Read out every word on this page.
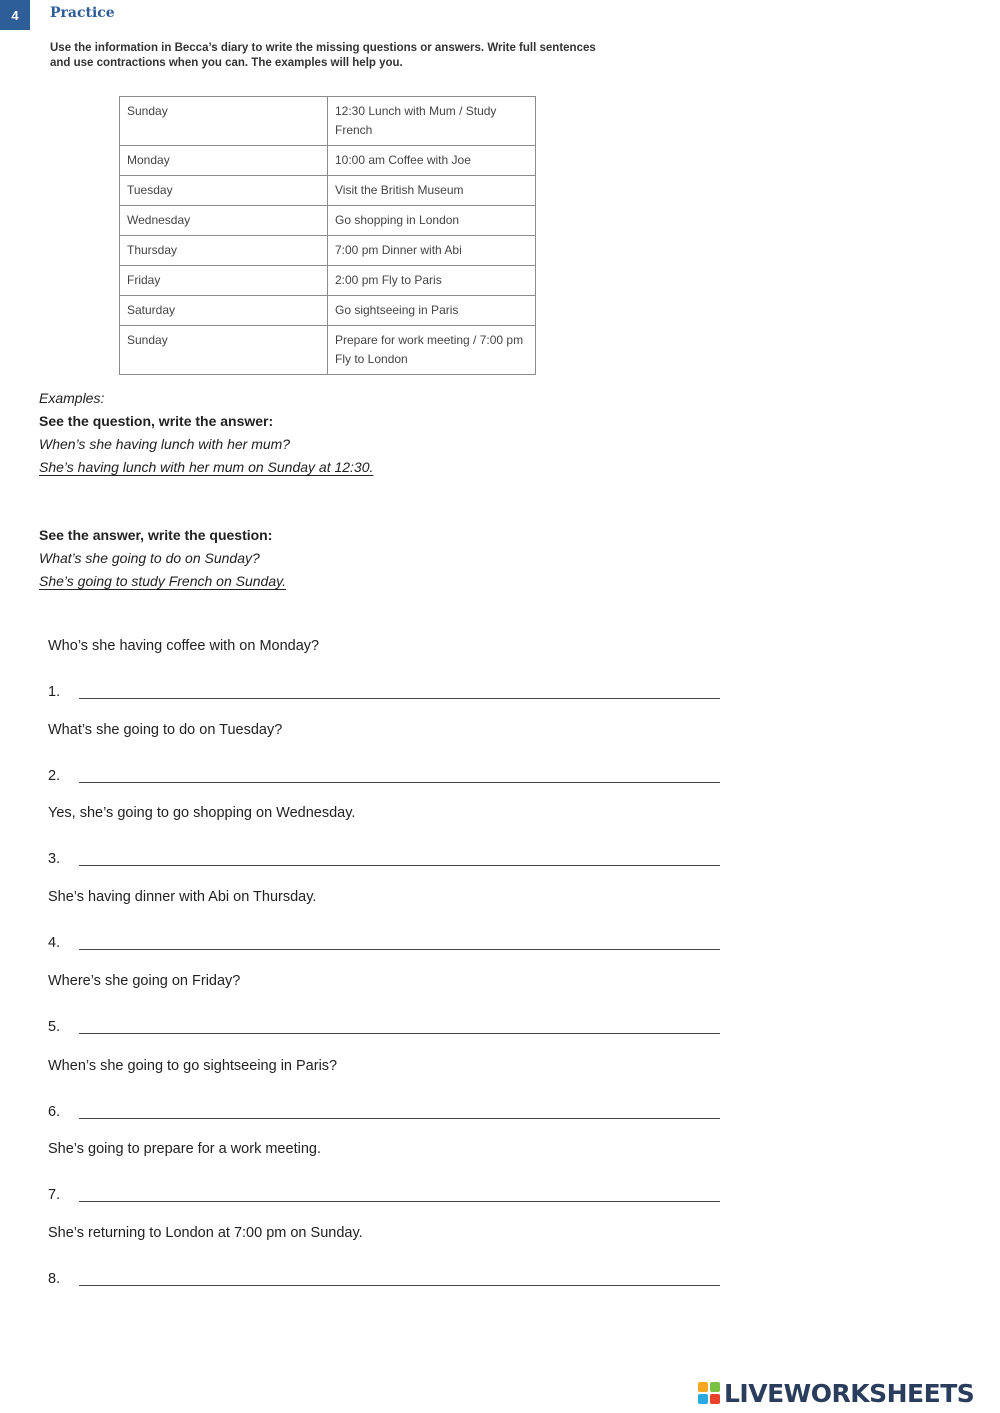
4	Practice
Use the information in Becca’s diary to write the missing questions or answers. Write full sentences
and use contractions when you can. The examples will help you.
Sunday	12:30 Lunch with Mum / Study French
Monday	10:00 am Coffee with Joe
Tuesday	Visit the British Museum
Wednesday	Go shopping in London
Thursday	7:00 pm Dinner with Abi
Friday	2:00 pm Fly to Paris
Saturday	Go sightseeing in Paris
Sunday	Prepare for work meeting / 7:00 pm Fly to London
Examples:
See the question, write the answer:
When’s she having lunch with her mum?
She’s having lunch with her mum on Sunday at 12:30.
See the answer, write the question:
What’s she going to do on Sunday?
She’s going to study French on Sunday.
Who’s she having coffee with on Monday?
1.
What’s she going to do on Tuesday?
2.
Yes, she’s going to go shopping on Wednesday.
3.
She’s having dinner with Abi on Thursday.
4.
Where’s she going on Friday?
5.
When’s she going to go sightseeing in Paris?
6.
She’s going to prepare for a work meeting.
7.
She’s returning to London at 7:00 pm on Sunday.
8.
LIVEWORKSHEETS
